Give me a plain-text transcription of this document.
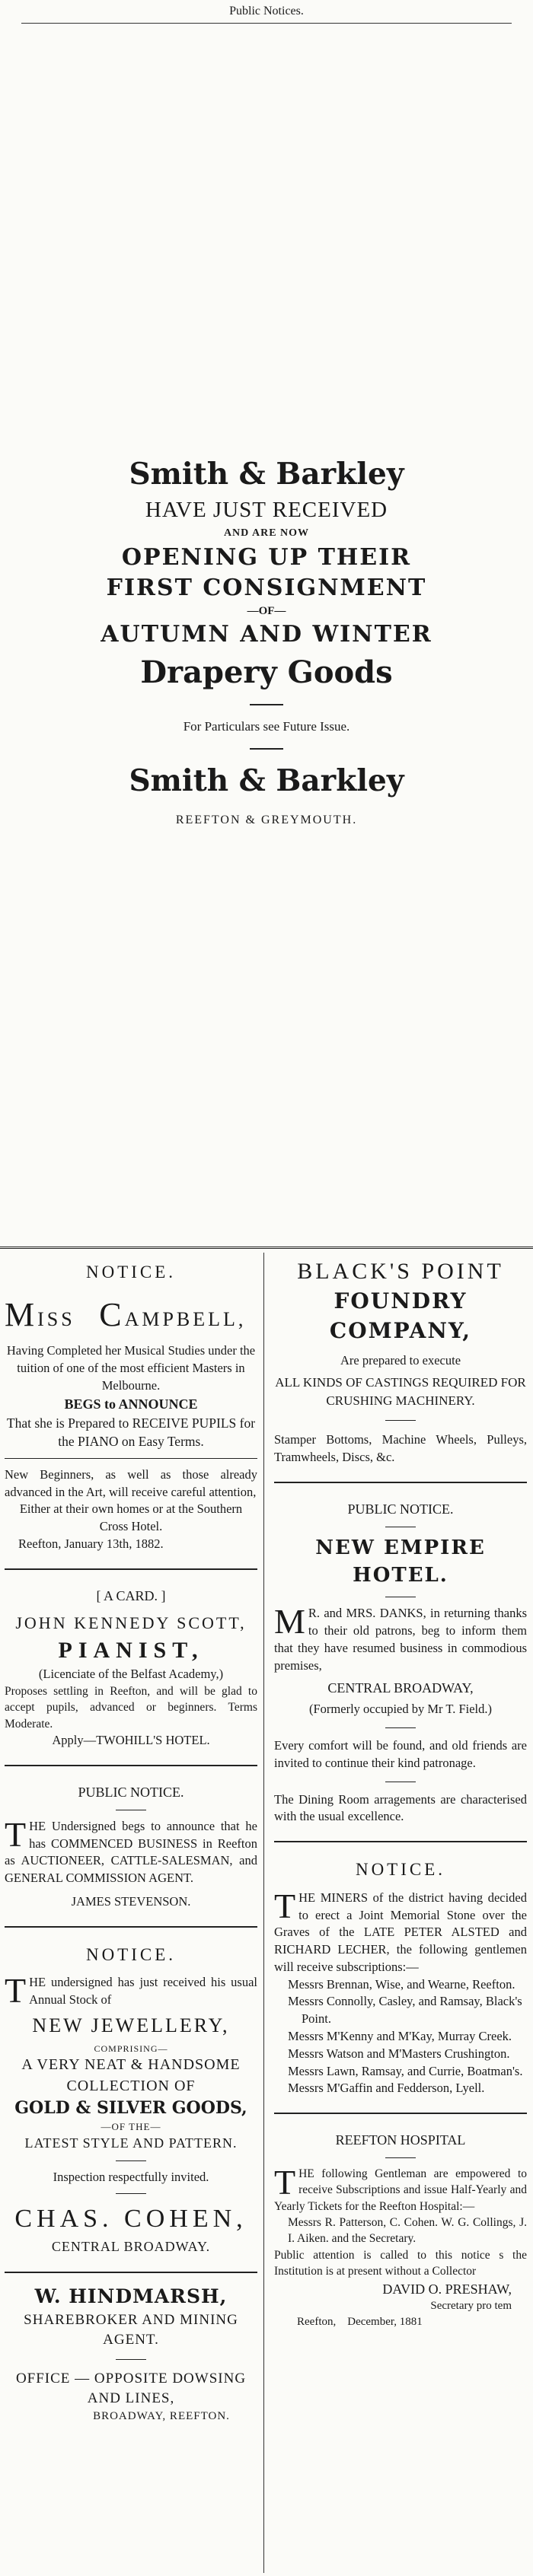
Public Notices.
Smith & Barkley
HAVE JUST RECEIVED
AND ARE NOW
OPENING UP THEIR
FIRST CONSIGNMENT
—OF—
AUTUMN AND WINTER
Drapery Goods
For Particulars see Future Issue.
Smith & Barkley
REEFTON & GREYMOUTH.
NOTICE.
MISS CAMPBELL,
Having Completed her Musical Studies under the tuition of one of the most efficient Masters in Melbourne.
BEGS to ANNOUNCE
That she is Prepared to RECEIVE PUPILS for the PIANO on Easy Terms.
New Beginners, as well as those already advanced in the Art, will receive careful attention,
Either at their own homes or at the Southern Cross Hotel.
Reefton, January 13th, 1882.
[ A CARD. ]
JOHN KENNEDY SCOTT,
PIANIST,
(Licenciate of the Belfast Academy,)
Proposes settling in Reefton, and will be glad to accept pupils, advanced or beginners. Terms Moderate.
Apply—TWOHILL'S HOTEL.
PUBLIC NOTICE.
THE Undersigned begs to announce that he has COMMENCED BUSINESS in Reefton as AUCTIONEER, CATTLE-SALESMAN, and GENERAL COMMISSION AGENT.
JAMES STEVENSON.
NOTICE.
THE undersigned has just received his usual Annual Stock of
NEW JEWELLERY,
COMPRISING—
A VERY NEAT & HANDSOME
COLLECTION OF
GOLD & SILVER GOODS,
—OF THE—
LATEST STYLE AND PATTERN.
Inspection respectfully invited.
CHAS. COHEN,
CENTRAL BROADWAY.
W. HINDMARSH,
SHAREBROKER AND MINING AGENT.
OFFICE — OPPOSITE DOWSING AND LINES,
BROADWAY, REEFTON.
BLACK'S POINT
FOUNDRY COMPANY,
Are prepared to execute
ALL KINDS OF CASTINGS REQUIRED FOR CRUSHING MACHINERY.
Stamper Bottoms, Machine Wheels, Pulleys, Tramwheels, Discs, &c.
PUBLIC NOTICE.
NEW EMPIRE HOTEL.
M R. and MRS. DANKS, in returning thanks to their old patrons, beg to inform them that they have resumed business in commodious premises,
CENTRAL BROADWAY,
(Formerly occupied by Mr T. Field.)
Every comfort will be found, and old friends are invited to continue their kind patronage.
The Dining Room arragements are characterised with the usual excellence.
NOTICE.
THE MINERS of the district having decided to erect a Joint Memorial Stone over the Graves of the LATE PETER ALSTED and RICHARD LECHER, the following gentlemen will receive subscriptions:—
Messrs Brennan, Wise, and Wearne, Reefton.
Messrs Connolly, Casley, and Ramsay, Black's Point.
Messrs M'Kenny and M'Kay, Murray Creek.
Messrs Watson and M'Masters Crushington.
Messrs Lawn, Ramsay, and Currie, Boatman's.
Messrs M'Gaffin and Fedderson, Lyell.
REEFTON HOSPITAL
THE following Gentleman are empowered to receive Subscriptions and issue Half-Yearly and Yearly Tickets for the Reefton Hospital:—
Messrs R. Patterson, C. Cohen. W. G. Collings, J. I. Aiken. and the Secretary.
Public attention is called to this notice s the Institution is at present without a Collector
DAVID O. PRESHAW,
Secretary pro tem
Reefton, December, 1881
